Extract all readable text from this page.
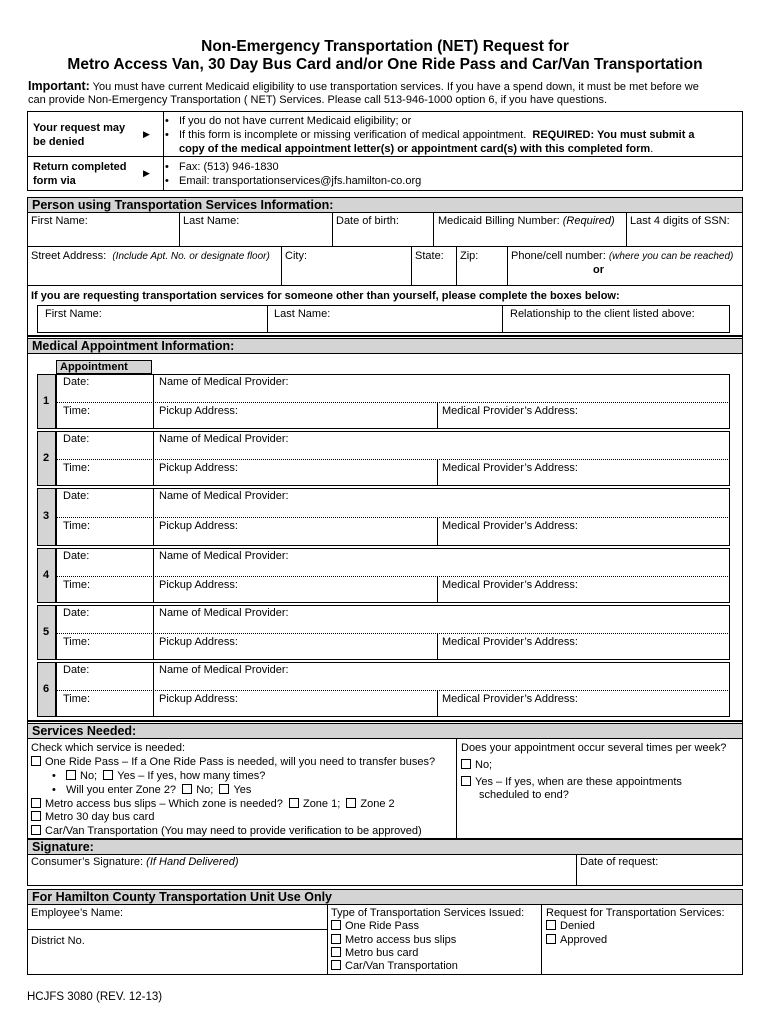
Non-Emergency Transportation (NET) Request for
Metro Access Van, 30 Day Bus Card and/or One Ride Pass and Car/Van Transportation
Important: You must have current Medicaid eligibility to use transportation services. If you have a spend down, it must be met before we
can provide Non-Emergency Transportation ( NET) Services. Please call 513-946-1000 option 6, if you have questions.
Your request may
be denied
▶
• If you do not have current Medicaid eligibility; or
• If this form is incomplete or missing verification of medical appointment. REQUIRED: You must submit a
copy of the medical appointment letter(s) or appointment card(s) with this completed form.
Return completed
form via
▶ • Fax: (513) 946-1830
• Email: transportationservices@jfs.hamilton-co.org
Person using Transportation Services Information:
First Name:	Last Name:	Date of birth:	Medicaid Billing Number: (Required) Last 4 digits of SSN:
Street Address: (Include Apt. No. or designate floor) City:	State: Zip:	Phone/cell number: (where you can be reached)
or
If you are requesting transportation services for someone other than yourself, please complete the boxes below:
First Name:	Last Name:	Relationship to the client listed above:
Medical Appointment Information:
Appointment
1
Date:	Name of Medical Provider:
Time:	Pickup Address:	Medical Provider’s Address:
2
Date:	Name of Medical Provider:
Time:	Pickup Address:	Medical Provider’s Address:
3
Date:	Name of Medical Provider:
Time:	Pickup Address:	Medical Provider’s Address:
4
Date:	Name of Medical Provider:
Time:	Pickup Address:	Medical Provider’s Address:
5
Date:	Name of Medical Provider:
Time:	Pickup Address:	Medical Provider’s Address:
6
Date:	Name of Medical Provider:
Time:	Pickup Address:	Medical Provider’s Address:
Services Needed:
Check which service is needed:
One Ride Pass – If a One Ride Pass is needed, will you need to transfer buses?
• No; Yes – If yes, how many times?
• Will you enter Zone 2? No; Yes
Metro access bus slips – Which zone is needed? Zone 1; Zone 2
Metro 30 day bus card
Car/Van Transportation (You may need to provide verification to be approved)
Does your appointment occur several times per week?
No;
Yes – If yes, when are these appointments
scheduled to end?
Signature:
Consumer’s Signature: (If Hand Delivered)	Date of request:
For Hamilton County Transportation Unit Use Only
Employee’s Name:
District No.
Type of Transportation Services Issued:
One Ride Pass
Metro access bus slips
Metro bus card
Car/Van Transportation
Request for Transportation Services:
Denied
Approved
HCJFS 3080 (REV. 12-13)
